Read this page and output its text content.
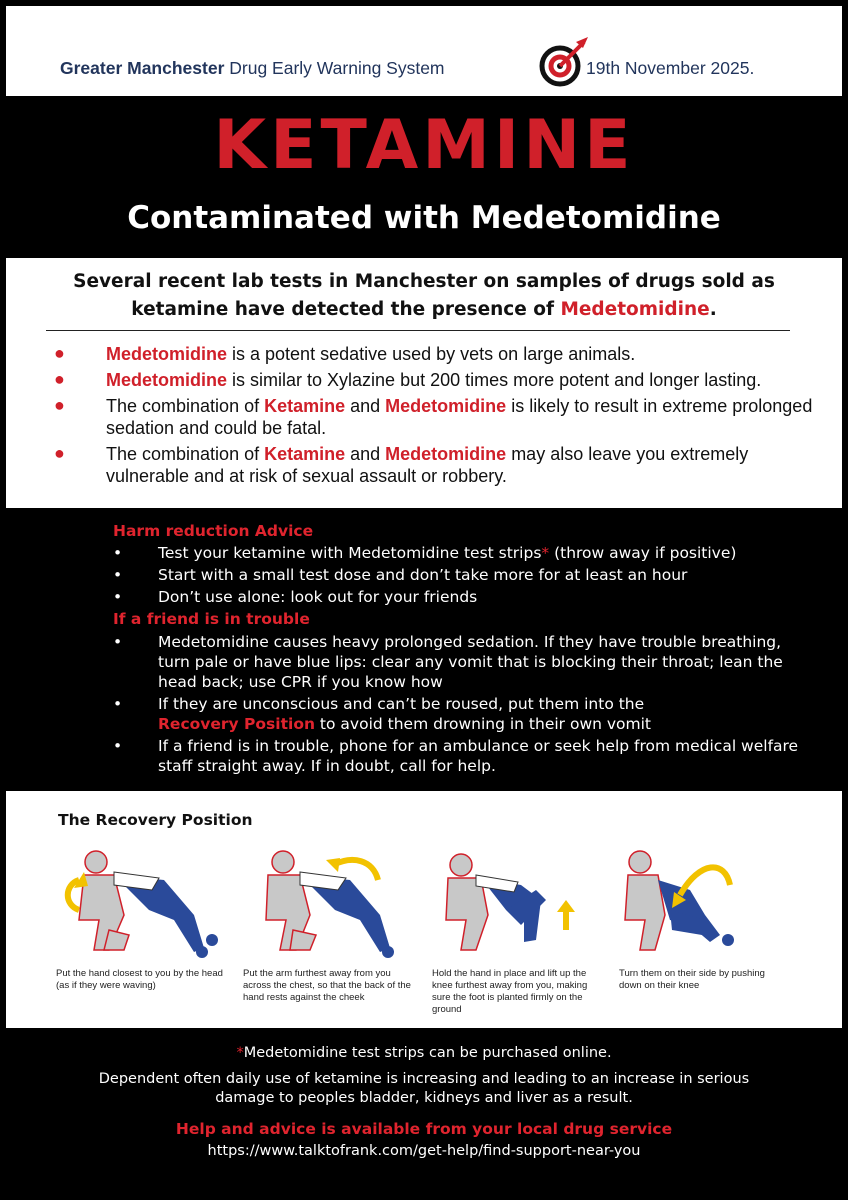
Greater Manchester Drug Early Warning System	19th November 2025.
KETAMINE
Contaminated with Medetomidine
Several recent lab tests in Manchester on samples of drugs sold as
ketamine have detected the presence of Medetomidine.
● Medetomidine is a potent sedative used by vets on large animals.
● Medetomidine is similar to Xylazine but 200 times more potent and longer lasting.
● The combination of Ketamine and Medetomidine is likely to result in extreme prolonged sedation and could be fatal.
● The combination of Ketamine and Medetomidine may also leave you extremely vulnerable and at risk of sexual assault or robbery.
Harm reduction Advice
• Test your ketamine with Medetomidine test strips* (throw away if positive)
• Start with a small test dose and don’t take more for at least an hour
• Don’t use alone: look out for your friends
If a friend is in trouble
• Medetomidine causes heavy prolonged sedation. If they have trouble breathing, turn pale or have blue lips: clear any vomit that is blocking their throat; lean the head back; use CPR if you know how
• If they are unconscious and can’t be roused, put them into the
Recovery Position to avoid them drowning in their own vomit
• If a friend is in trouble, phone for an ambulance or seek help from medical welfare staff straight away. If in doubt, call for help.
The Recovery Position
Put the hand closest to you by the head (as if they were waving)
Put the arm furthest away from you across the chest, so that the back of the hand rests against the cheek
Hold the hand in place and lift up the knee furthest away from you, making sure the foot is planted firmly on the ground
Turn them on their side by pushing down on their knee
*Medetomidine test strips can be purchased online.
Dependent often daily use of ketamine is increasing and leading to an increase in serious damage to peoples bladder, kidneys and liver as a result.
Help and advice is available from your local drug service
https://www.talktofrank.com/get-help/find-support-near-you
